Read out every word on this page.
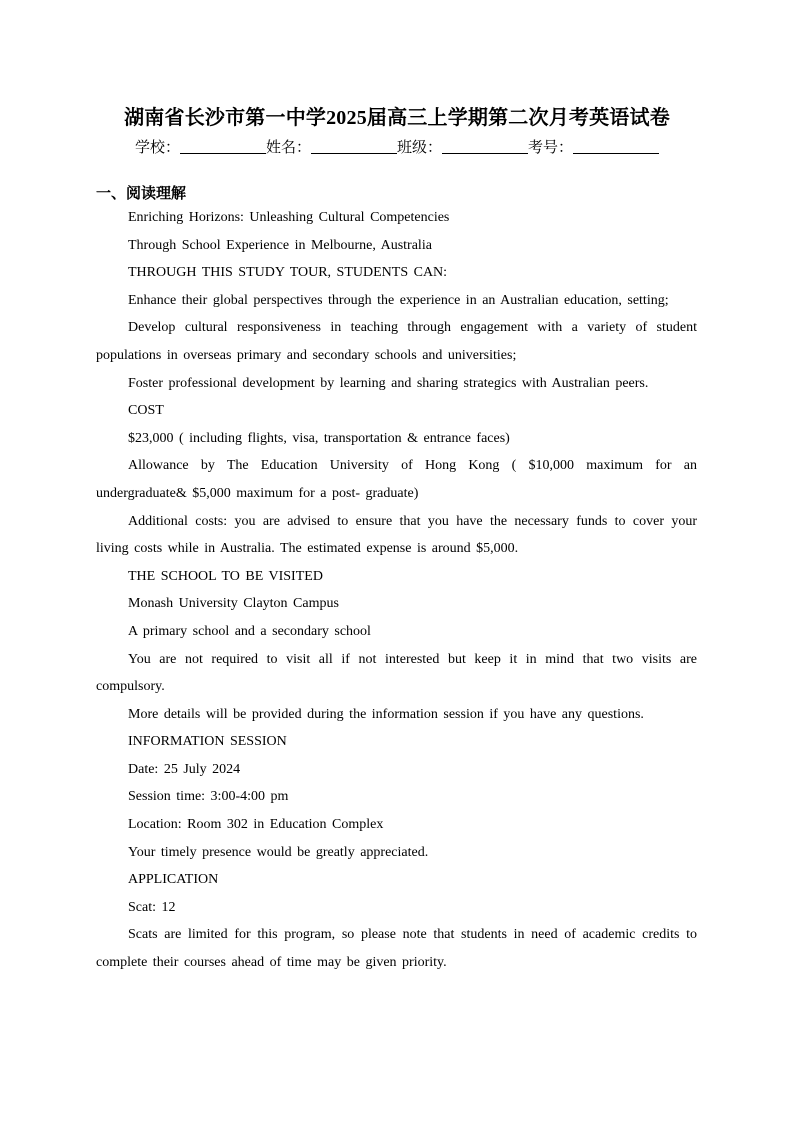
湖南省长沙市第一中学2025届高三上学期第二次月考英语试卷
学校：	姓名：	班级：	考号：
一、阅读理解

Enriching Horizons: Unleashing Cultural Competencies

Through School Experience in Melbourne, Australia

THROUGH THIS STUDY TOUR, STUDENTS CAN:

Enhance their global perspectives through the experience in an Australian education, setting;

Develop cultural responsiveness in teaching through engagement with a variety of student populations in overseas primary and secondary schools and universities;

Foster professional development by learning and sharing strategics with Australian peers.

COST

$23,000 ( including flights, visa, transportation & entrance faces)

Allowance by The Education University of Hong Kong ( $10,000 maximum for an undergraduate& $5,000 maximum for a post- graduate)

Additional costs: you are advised to ensure that you have the necessary funds to cover your living costs while in Australia. The estimated expense is around $5,000.

THE SCHOOL TO BE VISITED

Monash University Clayton Campus

A primary school and a secondary school

You are not required to visit all if not interested but keep it in mind that two visits are compulsory.

More details will be provided during the information session if you have any questions.

INFORMATION SESSION

Date: 25 July 2024

Session time: 3:00-4:00 pm

Location: Room 302 in Education Complex

Your timely presence would be greatly appreciated.

APPLICATION

Scat: 12

Scats are limited for this program, so please note that students in need of academic credits to complete their courses ahead of time may be given priority.
